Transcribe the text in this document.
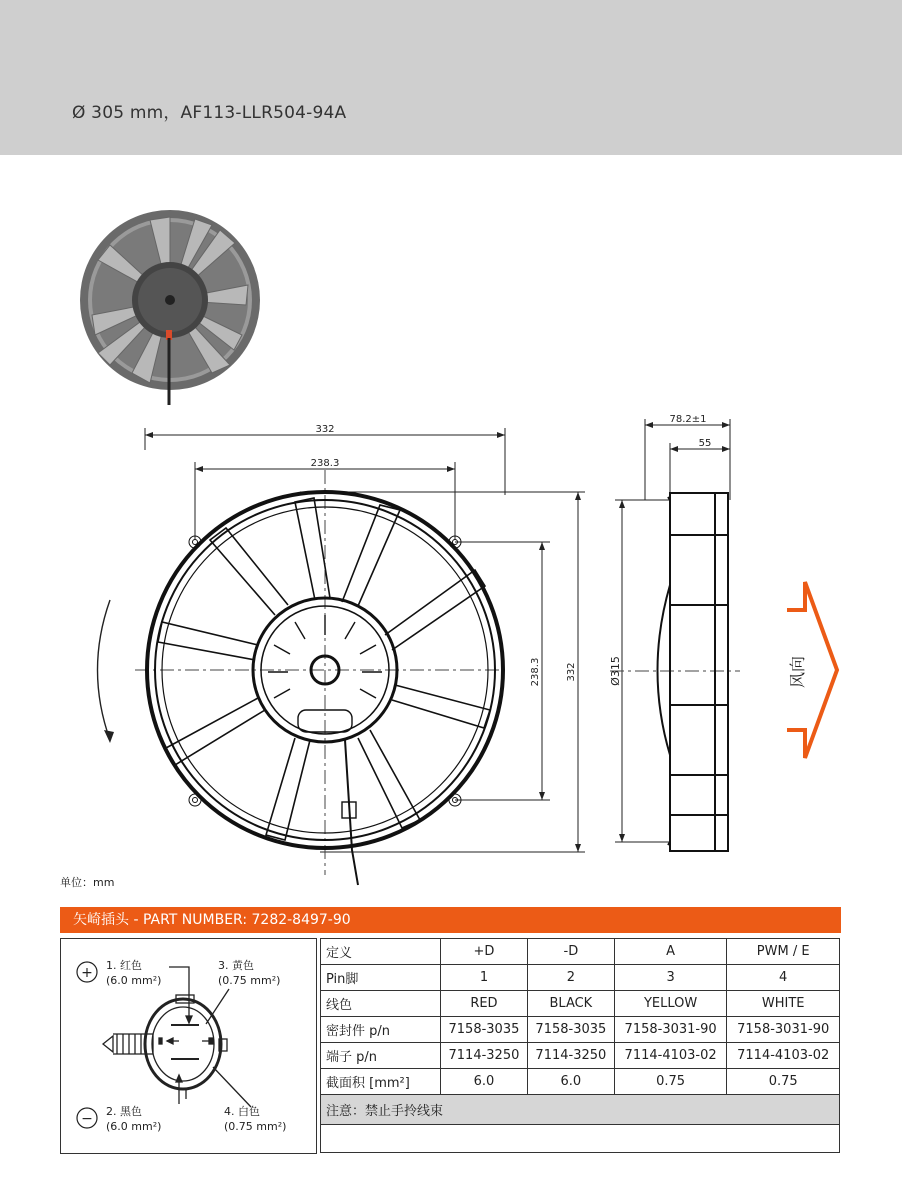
Ø 305 mm，AF113-LLR504-94A
332
238.3
332
238.3
78.2±1
55
Ø315	风向
单位：mm
矢崎插头 - PART NUMBER: 7282-8497-90
+
−
1. 红色
(6.0 mm²)
3. 黄色
(0.75 mm²)
2. 黑色
(6.0 mm²)
4. 白色
(0.75 mm²)
定义	+D	-D	A	PWM / E
Pin脚	1	2	3	4
线色	RED	BLACK	YELLOW	WHITE
密封件 p/n	7158-3035	7158-3035	7158-3031-90	7158-3031-90
端子 p/n	7114-3250	7114-3250	7114-4103-02	7114-4103-02
截面积 [mm²]	6.0	6.0	0.75	0.75
注意：禁止手拎线束				
